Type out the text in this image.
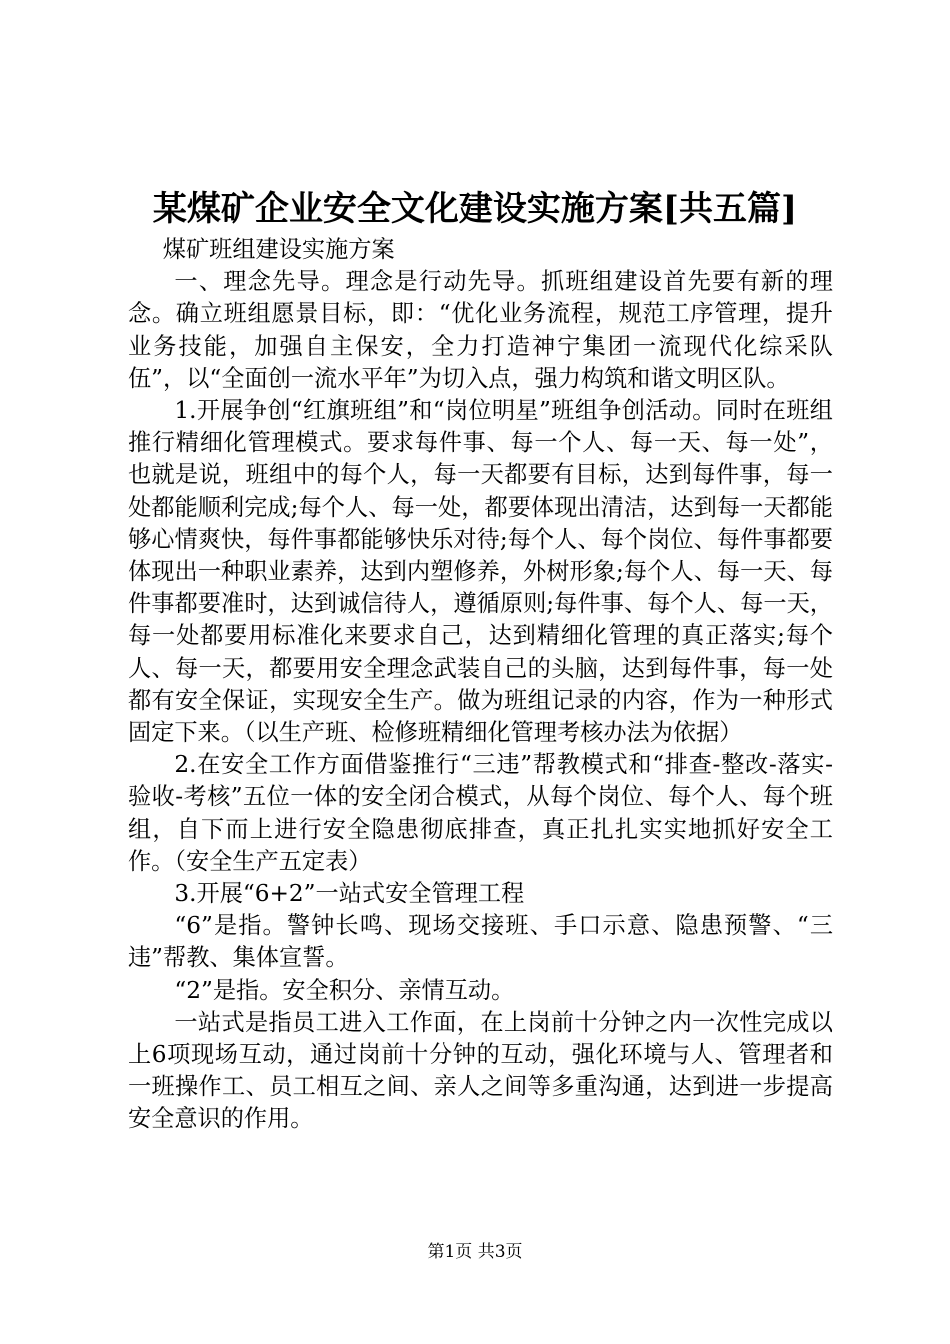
某煤矿企业安全文化建设实施方案[共五篇]

煤矿班组建设实施方案

一、理念先导。理念是行动先导。抓班组建设首先要有新的理念。确立班组愿景目标，即：“优化业务流程，规范工序管理，提升业务技能，加强自主保安，全力打造神宁集团一流现代化综采队伍”，以“全面创一流水平年”为切入点，强力构筑和谐文明区队。

1.开展争创“红旗班组”和“岗位明星”班组争创活动。同时在班组推行精细化管理模式。要求每件事、每一个人、每一天、每一处”，也就是说，班组中的每个人，每一天都要有目标，达到每件事，每一处都能顺利完成;每个人、每一处，都要体现出清洁，达到每一天都能够心情爽快，每件事都能够快乐对待;每个人、每个岗位、每件事都要体现出一种职业素养，达到内塑修养，外树形象;每个人、每一天、每件事都要准时，达到诚信待人，遵循原则;每件事、每个人、每一天，每一处都要用标准化来要求自己，达到精细化管理的真正落实;每个人、每一天，都要用安全理念武装自己的头脑，达到每件事，每一处都有安全保证，实现安全生产。做为班组记录的内容，作为一种形式固定下来。（以生产班、检修班精细化管理考核办法为依据）

2.在安全工作方面借鉴推行“三违”帮教模式和“排查-整改-落实-验收-考核”五位一体的安全闭合模式，从每个岗位、每个人、每个班组，自下而上进行安全隐患彻底排查，真正扎扎实实地抓好安全工作。（安全生产五定表）

3.开展“6+2”一站式安全管理工程

“6”是指。警钟长鸣、现场交接班、手口示意、隐患预警、“三违”帮教、集体宣誓。

“2”是指。安全积分、亲情互动。

一站式是指员工进入工作面，在上岗前十分钟之内一次性完成以上6项现场互动，通过岗前十分钟的互动，强化环境与人、管理者和一班操作工、员工相互之间、亲人之间等多重沟通，达到进一步提高安全意识的作用。

第1页 共3页
